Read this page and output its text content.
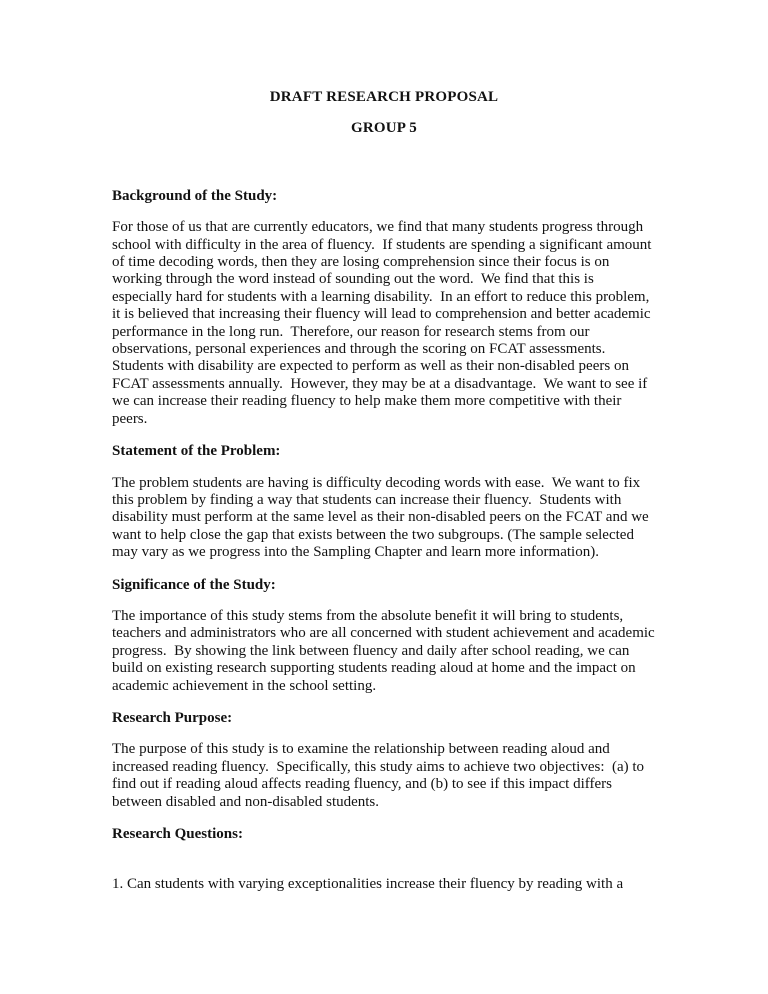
DRAFT RESEARCH PROPOSAL
GROUP 5
Background of the Study:

For those of us that are currently educators, we find that many students progress through school with difficulty in the area of fluency.  If students are spending a significant amount of time decoding words, then they are losing comprehension since their focus is on working through the word instead of sounding out the word.  We find that this is especially hard for students with a learning disability.  In an effort to reduce this problem, it is believed that increasing their fluency will lead to comprehension and better academic performance in the long run.  Therefore, our reason for research stems from our observations, personal experiences and through the scoring on FCAT assessments.  Students with disability are expected to perform as well as their non-disabled peers on FCAT assessments annually.  However, they may be at a disadvantage.  We want to see if we can increase their reading fluency to help make them more competitive with their peers.

Statement of the Problem:

The problem students are having is difficulty decoding words with ease.  We want to fix this problem by finding a way that students can increase their fluency.  Students with disability must perform at the same level as their non-disabled peers on the FCAT and we want to help close the gap that exists between the two subgroups. (The sample selected may vary as we progress into the Sampling Chapter and learn more information).

Significance of the Study:

The importance of this study stems from the absolute benefit it will bring to students, teachers and administrators who are all concerned with student achievement and academic progress.  By showing the link between fluency and daily after school reading, we can build on existing research supporting students reading aloud at home and the impact on academic achievement in the school setting.

Research Purpose:

The purpose of this study is to examine the relationship between reading aloud and increased reading fluency.  Specifically, this study aims to achieve two objectives:  (a) to find out if reading aloud affects reading fluency, and (b) to see if this impact differs between disabled and non-disabled students.

Research Questions:

1. Can students with varying exceptionalities increase their fluency by reading with a
